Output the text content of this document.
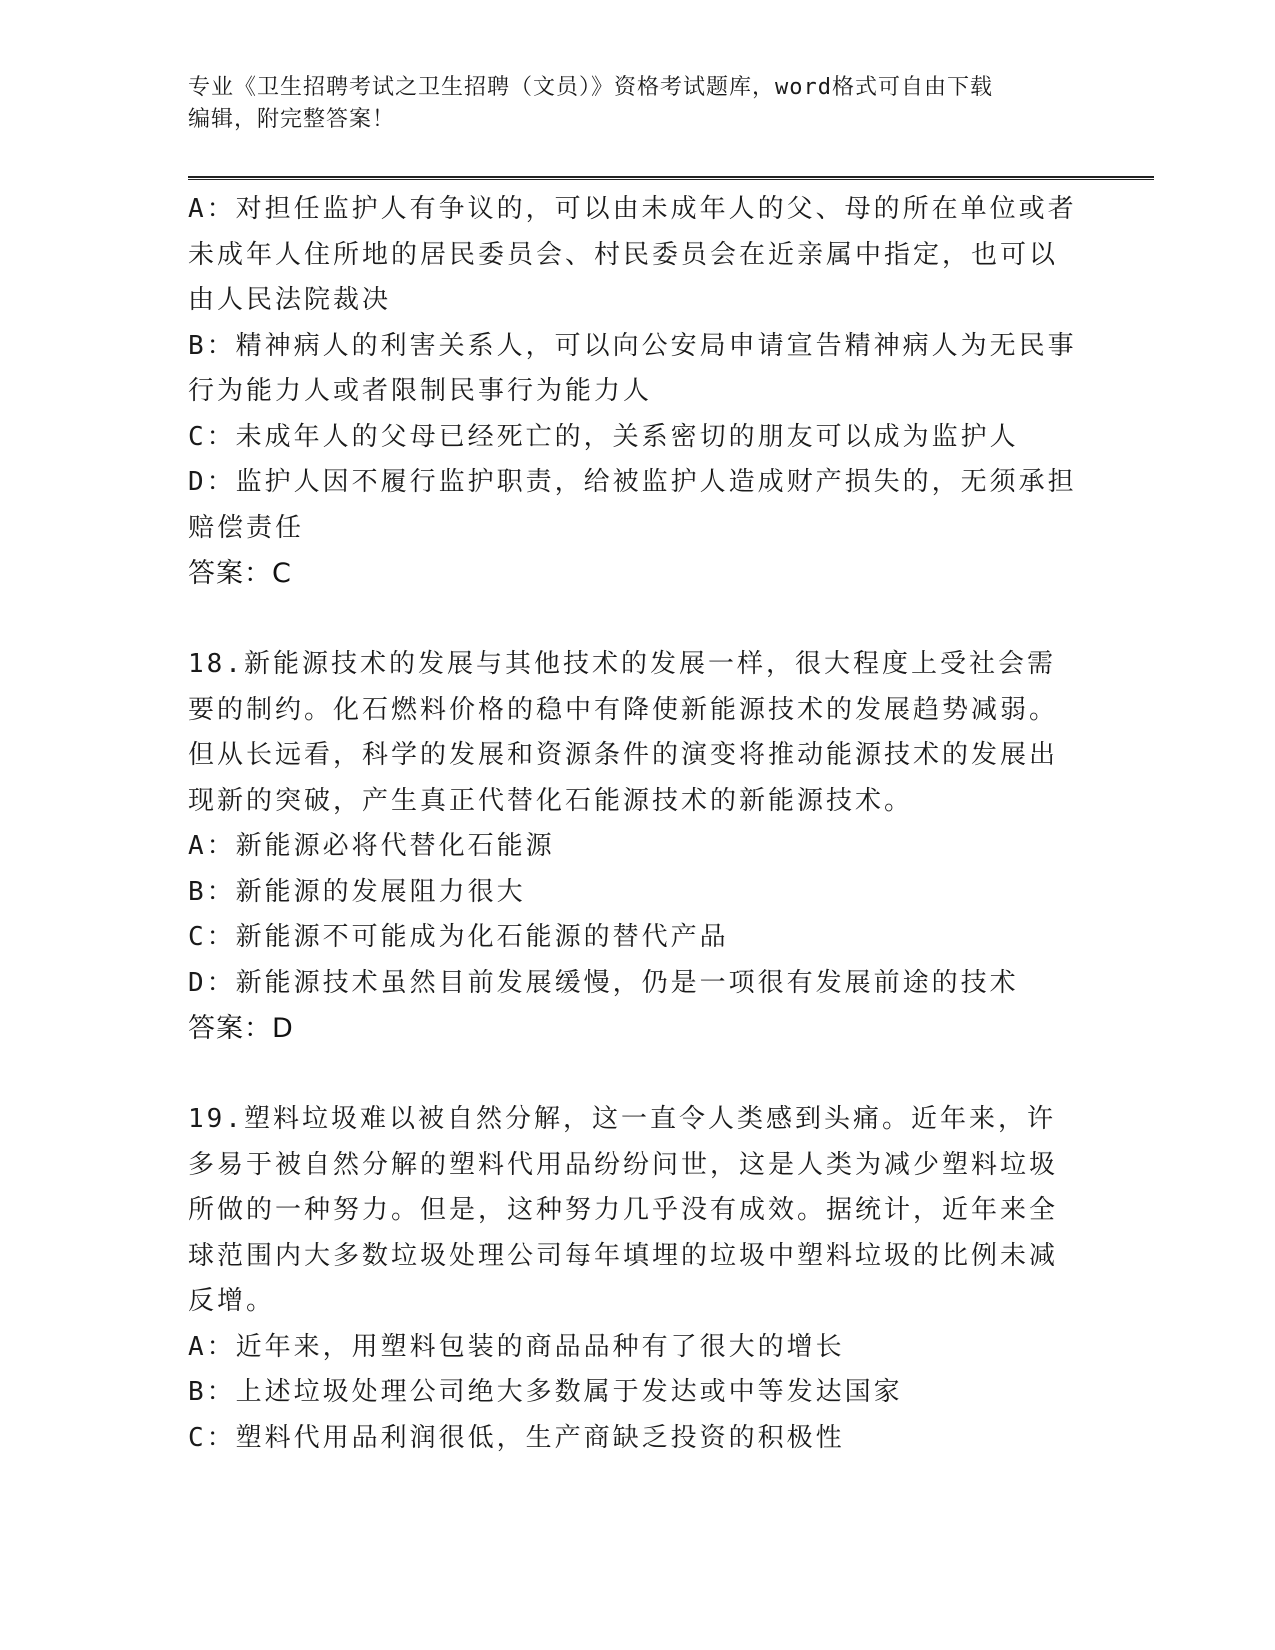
专业《卫生招聘考试之卫生招聘（文员）》资格考试题库，word格式可自由下载
编辑，附完整答案！

A：对担任监护人有争议的，可以由未成年人的父、母的所在单位或者未成年人住所地的居民委员会、村民委员会在近亲属中指定，也可以由人民法院裁决

B：精神病人的利害关系人，可以向公安局申请宣告精神病人为无民事行为能力人或者限制民事行为能力人

C：未成年人的父母已经死亡的，关系密切的朋友可以成为监护人

D：监护人因不履行监护职责，给被监护人造成财产损失的，无须承担赔偿责任

答案：C

18.新能源技术的发展与其他技术的发展一样，很大程度上受社会需要的制约。化石燃料价格的稳中有降使新能源技术的发展趋势减弱。但从长远看，科学的发展和资源条件的演变将推动能源技术的发展出现新的突破，产生真正代替化石能源技术的新能源技术。

A：新能源必将代替化石能源

B：新能源的发展阻力很大

C：新能源不可能成为化石能源的替代产品

D：新能源技术虽然目前发展缓慢，仍是一项很有发展前途的技术

答案：D

19.塑料垃圾难以被自然分解，这一直令人类感到头痛。近年来，许多易于被自然分解的塑料代用品纷纷问世，这是人类为减少塑料垃圾所做的一种努力。但是，这种努力几乎没有成效。据统计，近年来全球范围内大多数垃圾处理公司每年填埋的垃圾中塑料垃圾的比例未减反增。

A：近年来，用塑料包装的商品品种有了很大的增长

B：上述垃圾处理公司绝大多数属于发达或中等发达国家

C：塑料代用品利润很低，生产商缺乏投资的积极性
